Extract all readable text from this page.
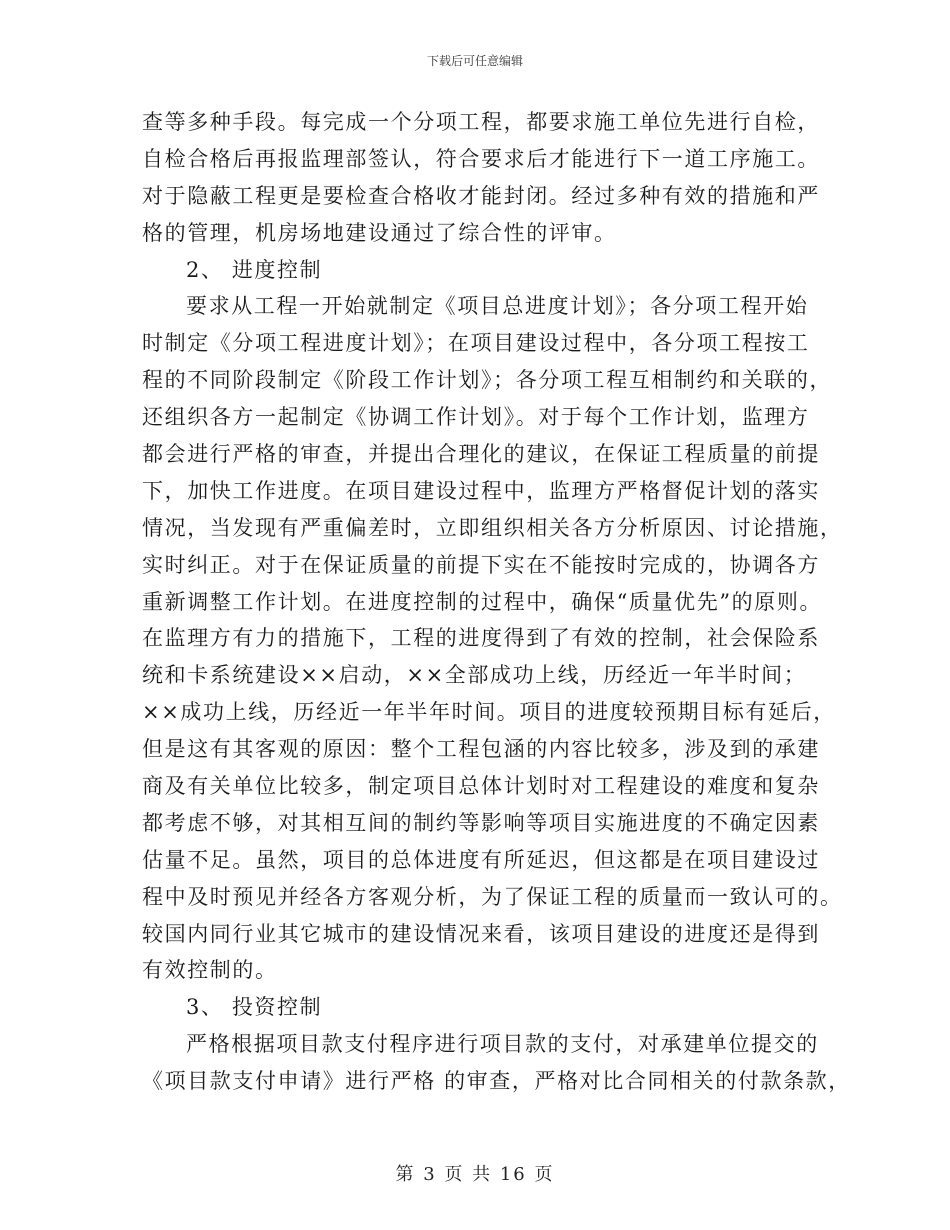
下载后可任意编辑
查等多种手段。每完成一个分项工程，都要求施工单位先进行自检，
自检合格后再报监理部签认，符合要求后才能进行下一道工序施工。
对于隐蔽工程更是要检查合格收才能封闭。经过多种有效的措施和严
格的管理，机房场地建设通过了综合性的评审。
2、 进度控制
要求从工程一开始就制定《项目总进度计划》；各分项工程开始
时制定《分项工程进度计划》；在项目建设过程中，各分项工程按工
程的不同阶段制定《阶段工作计划》；各分项工程互相制约和关联的，
还组织各方一起制定《协调工作计划》。对于每个工作计划，监理方
都会进行严格的审查，并提出合理化的建议，在保证工程质量的前提
下，加快工作进度。在项目建设过程中，监理方严格督促计划的落实
情况，当发现有严重偏差时，立即组织相关各方分析原因、讨论措施，
实时纠正。对于在保证质量的前提下实在不能按时完成的，协调各方
重新调整工作计划。在进度控制的过程中，确保“质量优先”的原则。
在监理方有力的措施下，工程的进度得到了有效的控制，社会保险系
统和卡系统建设××启动，××全部成功上线，历经近一年半时间；
××成功上线，历经近一年半年时间。项目的进度较预期目标有延后，
但是这有其客观的原因：整个工程包涵的内容比较多，涉及到的承建
商及有关单位比较多，制定项目总体计划时对工程建设的难度和复杂
都考虑不够，对其相互间的制约等影响等项目实施进度的不确定因素
估量不足。虽然，项目的总体进度有所延迟，但这都是在项目建设过
程中及时预见并经各方客观分析，为了保证工程的质量而一致认可的。
较国内同行业其它城市的建设情况来看，该项目建设的进度还是得到
有效控制的。
3、 投资控制
严格根据项目款支付程序进行项目款的支付，对承建单位提交的
《项目款支付申请》进行严格 的审查，严格对比合同相关的付款条款，
第 3 页 共 16 页
